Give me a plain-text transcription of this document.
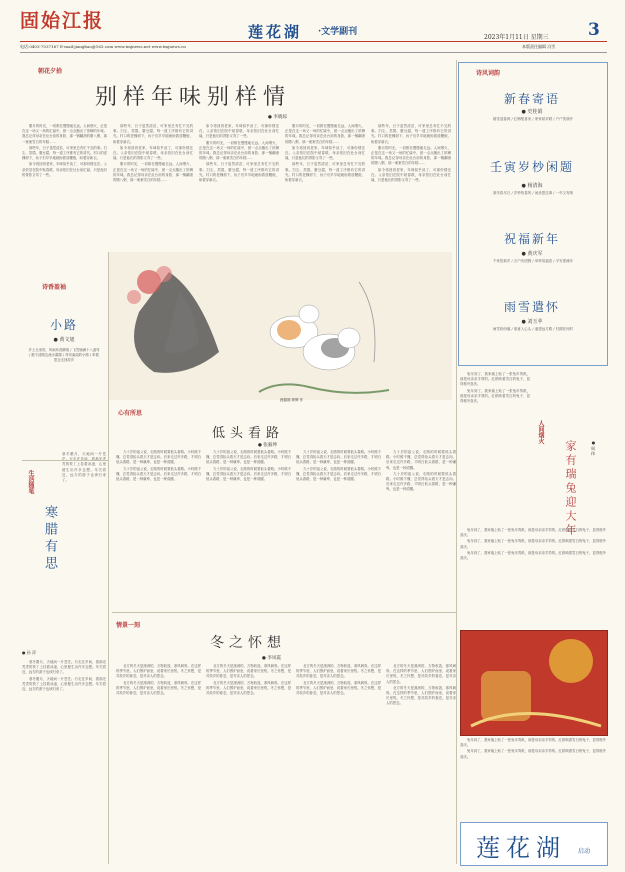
固始江报	莲花湖 ·文学副刊
2023年1月11日 星期三 3
电话:0403-7537167 E-mail:jiangbao@163.com www.tmjnews.net www.tmjnews.cn	本版责任编辑 冯雪
朝花夕拾
别样年味别样情
● 李晓琼

腊月的时光，一切都在慢慢地走远。人间烟火，正是在这一场又一场的忙碌中，被一点点酿出了浓稠的年味。我总记得母亲在灶台前的身影，那一锅翻滚的腊八粥，那一案案雪白的年糕……

那些年，日子虽然清贫，可家里总有忙不完的事。扫尘、蒸馍、磨豆腐，每一道工序都有它的讲究。村口的老槐树下，孩子们早早地就盼着放鞭炮，盼着穿新衣。

如今再回到老家，年味似乎淡了，可那份情还在。父亲依旧在院中贴春联，母亲依旧在灶台前忙碌，只是他们的背影又弯了一些。

那些年，日子虽然清贫，可家里总有忙不完的事。扫尘、蒸馍、磨豆腐，每一道工序都有它的讲究。村口的老槐树下，孩子们早早地就盼着放鞭炮，盼着穿新衣。

如今再回到老家，年味似乎淡了，可那份情还在。父亲依旧在院中贴春联，母亲依旧在灶台前忙碌，只是他们的背影又弯了一些。

腊月的时光，一切都在慢慢地走远。人间烟火，正是在这一场又一场的忙碌中，被一点点酿出了浓稠的年味。我总记得母亲在灶台前的身影，那一锅翻滚的腊八粥，那一案案雪白的年糕……

如今再回到老家，年味似乎淡了，可那份情还在。父亲依旧在院中贴春联，母亲依旧在灶台前忙碌，只是他们的背影又弯了一些。

腊月的时光，一切都在慢慢地走远。人间烟火，正是在这一场又一场的忙碌中，被一点点酿出了浓稠的年味。我总记得母亲在灶台前的身影，那一锅翻滚的腊八粥，那一案案雪白的年糕……

那些年，日子虽然清贫，可家里总有忙不完的事。扫尘、蒸馍、磨豆腐，每一道工序都有它的讲究。村口的老槐树下，孩子们早早地就盼着放鞭炮，盼着穿新衣。

腊月的时光，一切都在慢慢地走远。人间烟火，正是在这一场又一场的忙碌中，被一点点酿出了浓稠的年味。我总记得母亲在灶台前的身影，那一锅翻滚的腊八粥，那一案案雪白的年糕……

如今再回到老家，年味似乎淡了，可那份情还在。父亲依旧在院中贴春联，母亲依旧在灶台前忙碌，只是他们的背影又弯了一些。

那些年，日子虽然清贫，可家里总有忙不完的事。扫尘、蒸馍、磨豆腐，每一道工序都有它的讲究。村口的老槐树下，孩子们早早地就盼着放鞭炮，盼着穿新衣。

那些年，日子虽然清贫，可家里总有忙不完的事。扫尘、蒸馍、磨豆腐，每一道工序都有它的讲究。村口的老槐树下，孩子们早早地就盼着放鞭炮，盼着穿新衣。

腊月的时光，一切都在慢慢地走远。人间烟火，正是在这一场又一场的忙碌中，被一点点酿出了浓稠的年味。我总记得母亲在灶台前的身影，那一锅翻滚的腊八粥，那一案案雪白的年糕……

如今再回到老家，年味似乎淡了，可那份情还在。父亲依旧在院中贴春联，母亲依旧在灶台前忙碌，只是他们的背影又弯了一些。

狸猫图 阿辉 作
诗香盈袖
小路
● 黄文旭
乡土走来的，风雨冲洗脚痕 / 飞雪铺满十八道弯 / 数不清路边流水潺潺 / 弯弯曲曲的小路 / 牵着思念走回故乡
生活随笔
寒腊有思
寒冬腊月，天地间一片苍 秃的枝丫上挂着冰凌，心里便生出许多念想。年关将近，远方的游子也该归来了。
● 孙 萍

寒冬腊月，天地间一片苍茫。行走在乡间，看那光秃秃的枝丫上挂着冰凌，心里便生出许多念想。年关将近，远方的游子也该归来了。

寒冬腊月，天地间一片苍茫。行走在乡间，看那光秃秃的枝丫上挂着冰凌，心里便生出许多念想。年关将近，远方的游子也该归来了。

心有所思
低头看路
● 张毅坤

九十岁的祖父说，走路的时候要低头看路。小时候不懂，总觉得抬头看天才是志向。后来走过许多路，才明白低头看路，是一种谦卑，也是一种清醒。

九十岁的祖父说，走路的时候要低头看路。小时候不懂，总觉得抬头看天才是志向。后来走过许多路，才明白低头看路，是一种谦卑，也是一种清醒。

九十岁的祖父说，走路的时候要低头看路。小时候不懂，总觉得抬头看天才是志向。后来走过许多路，才明白低头看路，是一种谦卑，也是一种清醒。

九十岁的祖父说，走路的时候要低头看路。小时候不懂，总觉得抬头看天才是志向。后来走过许多路，才明白低头看路，是一种谦卑，也是一种清醒。

九十岁的祖父说，走路的时候要低头看路。小时候不懂，总觉得抬头看天才是志向。后来走过许多路，才明白低头看路，是一种谦卑，也是一种清醒。

九十岁的祖父说，走路的时候要低头看路。小时候不懂，总觉得抬头看天才是志向。后来走过许多路，才明白低头看路，是一种谦卑，也是一种清醒。

九十岁的祖父说，走路的时候要低头看路。小时候不懂，总觉得抬头看天才是志向。后来走过许多路，才明白低头看路，是一种谦卑，也是一种清醒。

九十岁的祖父说，走路的时候要低头看路。小时候不懂，总觉得抬头看天才是志向。后来走过许多路，才明白低头看路，是一种谦卑，也是一种清醒。

情景一刻
冬之怀想
● 李凤霞

北方的冬天是凛冽的，万物收敛，寒风刺骨。在这样的季节里，人们围炉而坐，说着家长里短。冬之怀想，是对故乡的眷恋，是对亲人的思念。

北方的冬天是凛冽的，万物收敛，寒风刺骨。在这样的季节里，人们围炉而坐，说着家长里短。冬之怀想，是对故乡的眷恋，是对亲人的思念。

北方的冬天是凛冽的，万物收敛，寒风刺骨。在这样的季节里，人们围炉而坐，说着家长里短。冬之怀想，是对故乡的眷恋，是对亲人的思念。

北方的冬天是凛冽的，万物收敛，寒风刺骨。在这样的季节里，人们围炉而坐，说着家长里短。冬之怀想，是对故乡的眷恋，是对亲人的思念。

北方的冬天是凛冽的，万物收敛，寒风刺骨。在这样的季节里，人们围炉而坐，说着家长里短。冬之怀想，是对故乡的眷恋，是对亲人的思念。

北方的冬天是凛冽的，万物收敛，寒风刺骨。在这样的季节里，人们围炉而坐，说着家长里短。冬之怀想，是对故乡的眷恋，是对亲人的思念。

北方的冬天是凛冽的，万物收敛，寒风刺骨。在这样的季节里，人们围炉而坐，说着家长里短。冬之怀想，是对故乡的眷恋，是对亲人的思念。

北方的冬天是凛冽的，万物收敛，寒风刺骨。在这样的季节里，人们围炉而坐，说着家长里短。冬之怀想，是对故乡的眷恋，是对亲人的思念。

诗风词韵
新春寄语
● 史桂娟
瑞雪迎春到 / 红梅报喜来 / 家家贴对联 / 户户笑颜开
壬寅岁杪闲题
● 杨清海
寒冬将尽日 / 岁杪待春风 / 闲坐思往事 / 一年又匆匆
祝福新年
● 黄庆军
千家贺新岁 / 万户庆团圆 / 举杯祝福语 / 平安度流年
雨雪遣怀
● 刘玉苹
雨雪纷纷落 / 寒意入心头 / 遥望远方路 / 归期在何时

兔年到了，我家墙上贴了一张兔年剪纸，那是母亲亲手剪的。红纸映着雪白的兔子，显得格外喜庆。

兔年到了，我家墙上贴了一张兔年剪纸，那是母亲亲手剪的。红纸映着雪白的兔子，显得格外喜庆。

人间烟火
家有瑞兔迎大年	● 周 伟

兔年到了，我家墙上贴了一张兔年剪纸，那是母亲亲手剪的。红纸映着雪白的兔子，显得格外喜庆。

兔年到了，我家墙上贴了一张兔年剪纸，那是母亲亲手剪的。红纸映着雪白的兔子，显得格外喜庆。

兔年到了，我家墙上贴了一张兔年剪纸，那是母亲亲手剪的。红纸映着雪白的兔子，显得格外喜庆。

兔年到了，我家墙上贴了一张兔年剪纸，那是母亲亲手剪的。红纸映着雪白的兔子，显得格外喜庆。

兔年到了，我家墙上贴了一张兔年剪纸，那是母亲亲手剪的。红纸映着雪白的兔子，显得格外喜庆。

莲花湖 启动
